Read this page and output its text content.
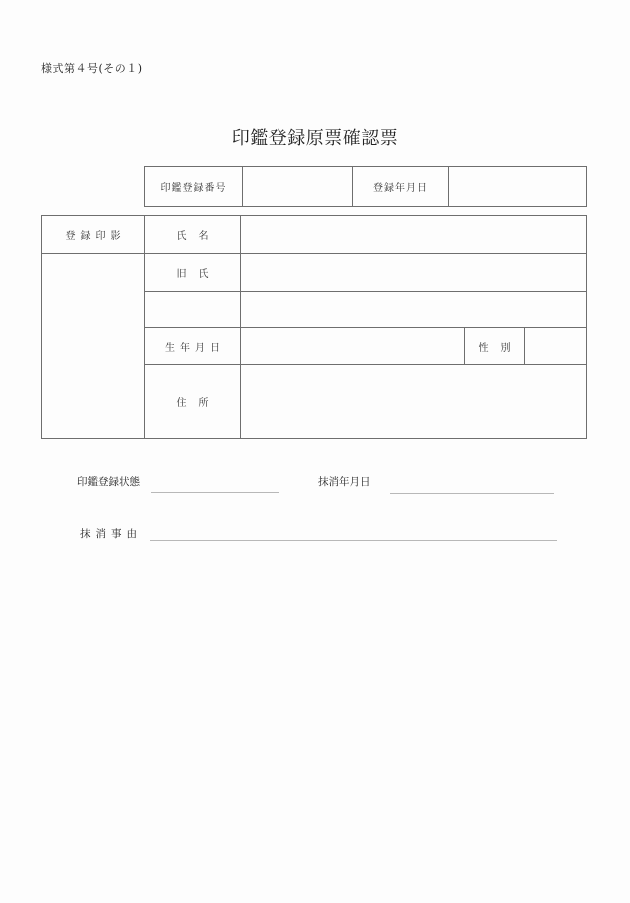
様式第４号(その１)
印鑑登録原票確認票
印鑑登録番号	登録年月日
登録印影	氏名
旧氏
生年月日	性別
住所
印鑑登録状態	抹消年月日
抹消事由
